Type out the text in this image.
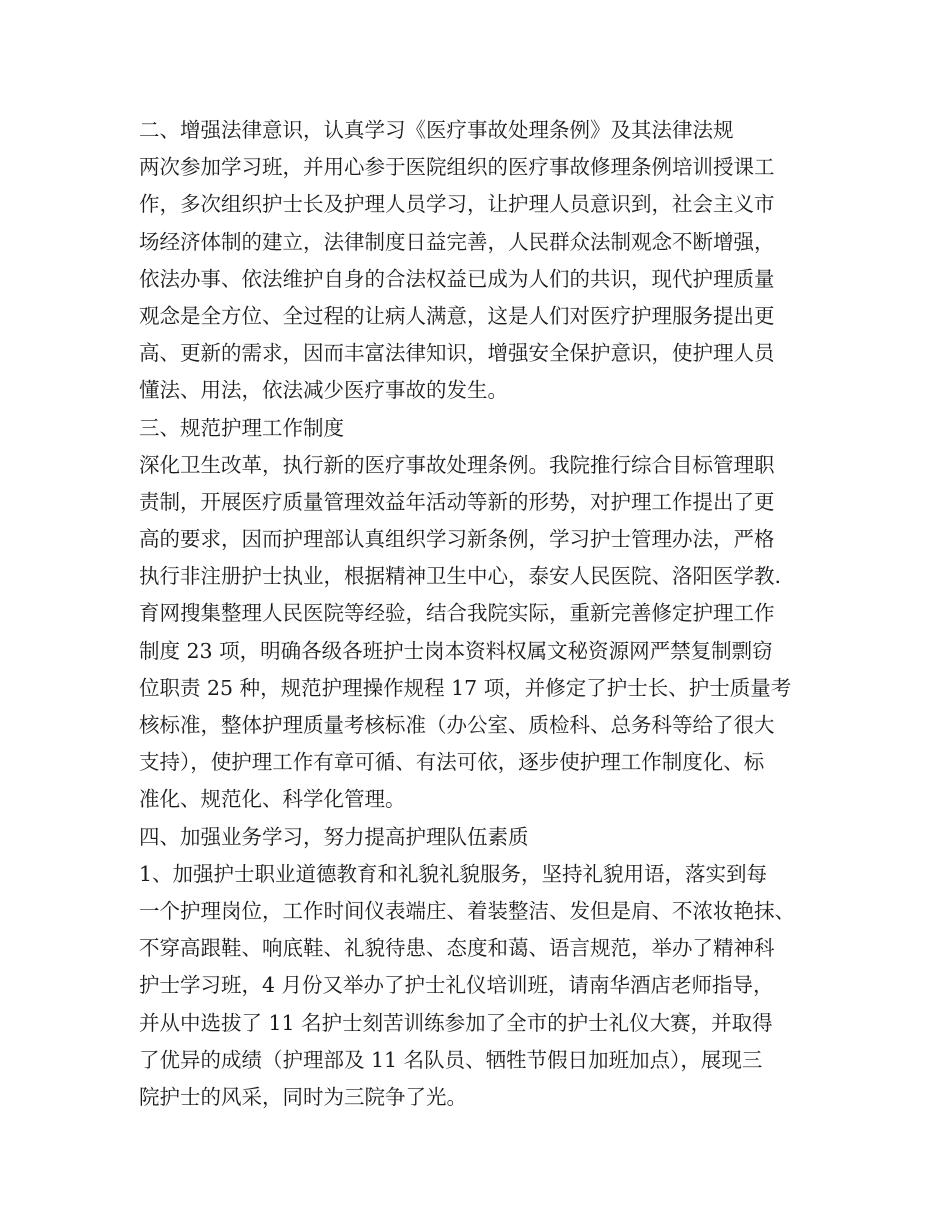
二、增强法律意识，认真学习《医疗事故处理条例》及其法律法规
两次参加学习班，并用心参于医院组织的医疗事故修理条例培训授课工
作，多次组织护士长及护理人员学习，让护理人员意识到，社会主义市
场经济体制的建立，法律制度日益完善，人民群众法制观念不断增强，
依法办事、依法维护自身的合法权益已成为人们的共识，现代护理质量
观念是全方位、全过程的让病人满意，这是人们对医疗护理服务提出更
高、更新的需求，因而丰富法律知识，增强安全保护意识，使护理人员
懂法、用法，依法减少医疗事故的发生。
三、规范护理工作制度
深化卫生改革，执行新的医疗事故处理条例。我院推行综合目标管理职
责制，开展医疗质量管理效益年活动等新的形势，对护理工作提出了更
高的要求，因而护理部认真组织学习新条例，学习护士管理办法，严格
执行非注册护士执业，根据精神卫生中心，泰安人民医院、洛阳医学教.
育网搜集整理人民医院等经验，结合我院实际，重新完善修定护理工作
制度 23 项，明确各级各班护士岗本资料权属文秘资源网严禁复制剽窃
位职责 25 种，规范护理操作规程 17 项，并修定了护士长、护士质量考
核标准，整体护理质量考核标准（办公室、质检科、总务科等给了很大
支持），使护理工作有章可循、有法可依，逐步使护理工作制度化、标
准化、规范化、科学化管理。
四、加强业务学习，努力提高护理队伍素质
1、加强护士职业道德教育和礼貌礼貌服务，坚持礼貌用语，落实到每
一个护理岗位，工作时间仪表端庄、着装整洁、发但是肩、不浓妆艳抹、
不穿高跟鞋、响底鞋、礼貌待患、态度和蔼、语言规范，举办了精神科
护士学习班，4 月份又举办了护士礼仪培训班，请南华酒店老师指导，
并从中选拔了 11 名护士刻苦训练参加了全市的护士礼仪大赛，并取得
了优异的成绩（护理部及 11 名队员、牺牲节假日加班加点），展现三
院护士的风采，同时为三院争了光。
